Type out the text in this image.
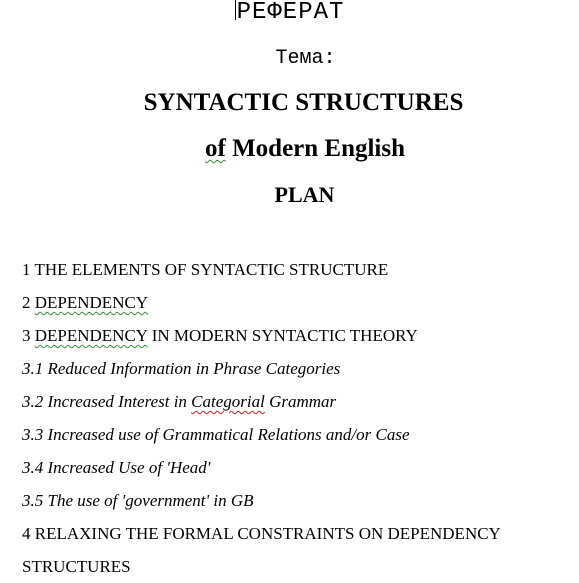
РЕФЕРАТ
Тема:
SYNTACTIC STRUCTURES
of Modern English
PLAN
1 THE ELEMENTS OF SYNTACTIC STRUCTURE
2 DEPENDENCY
3 DEPENDENCY IN MODERN SYNTACTIC THEORY
3.1 Reduced Information in Phrase Categories
3.2 Increased Interest in Categorial Grammar
3.3 Increased use of Grammatical Relations and/or Case
3.4 Increased Use of 'Head'
3.5 The use of 'government' in GB
4 RELAXING THE FORMAL CONSTRAINTS ON DEPENDENCY
STRUCTURES
